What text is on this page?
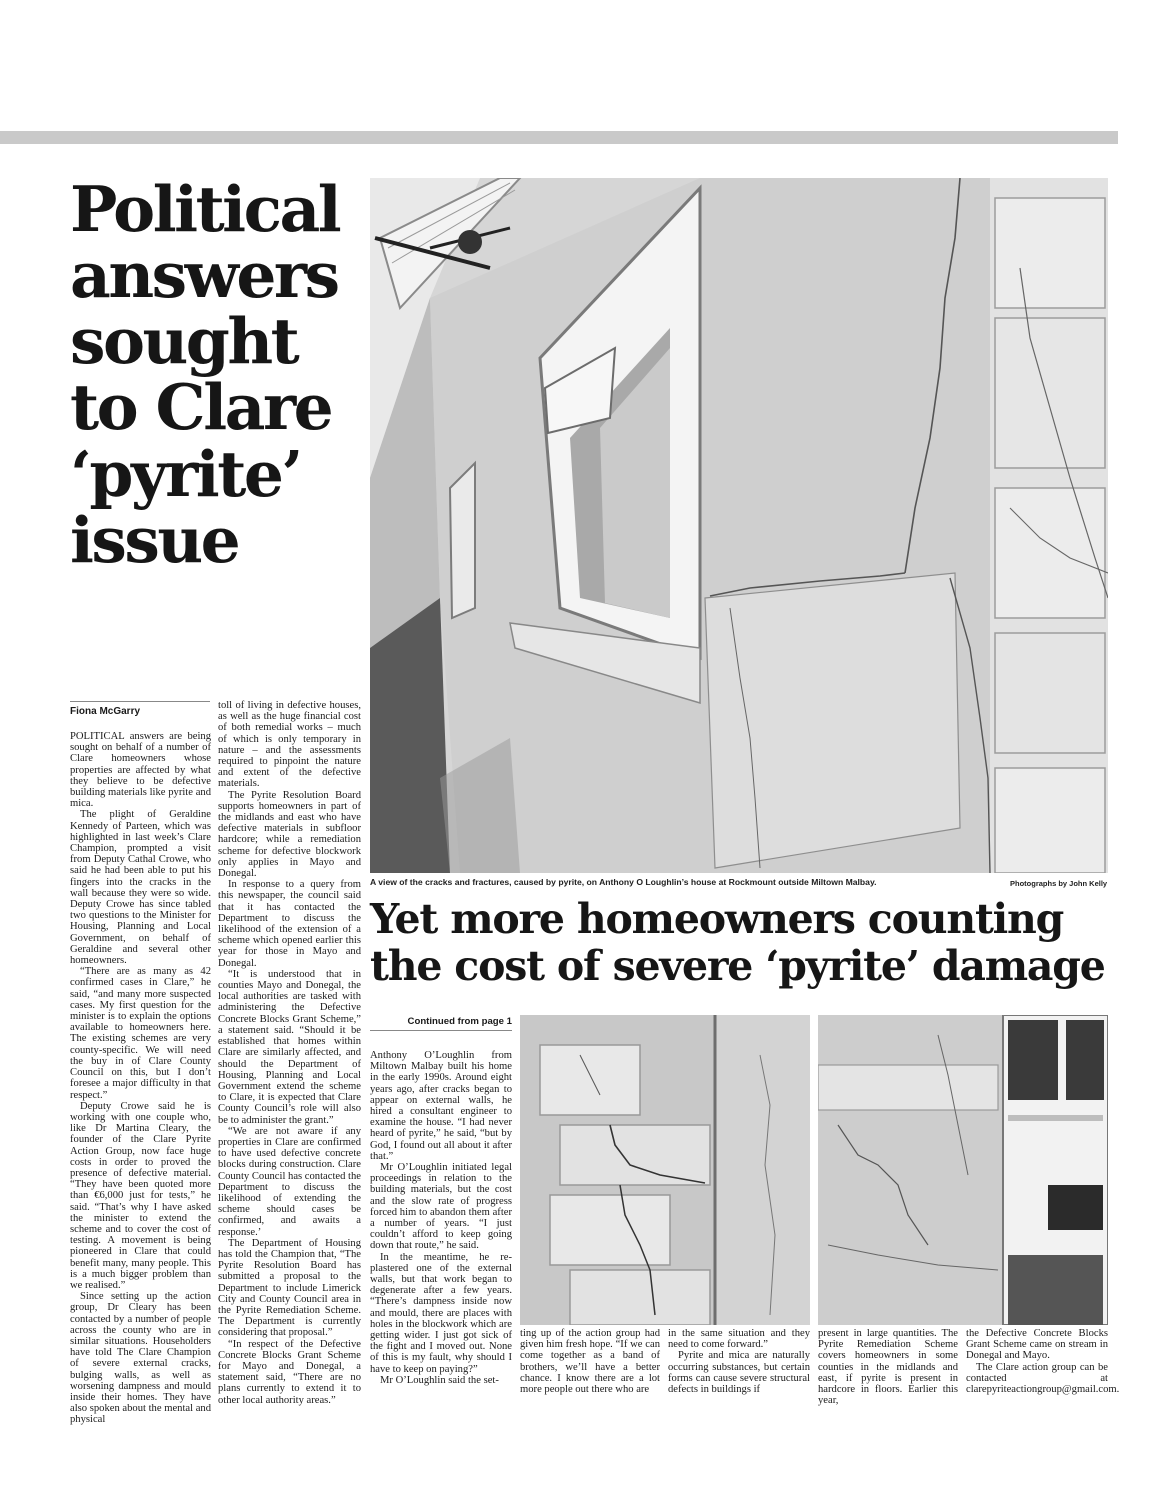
Political
answers
sought
to Clare
‘pyrite’
issue
Fiona McGarry

POLITICAL answers are being sought on behalf of a number of Clare homeowners whose properties are affected by what they believe to be defective building materials like pyrite and mica.

The plight of Geraldine Kennedy of Parteen, which was highlighted in last week’s Clare Champion, prompted a visit from Deputy Cathal Crowe, who said he had been able to put his fingers into the cracks in the wall because they were so wide. Deputy Crowe has since tabled two questions to the Minister for Housing, Planning and Local Government, on behalf of Geraldine and several other homeowners.

“There are as many as 42 confirmed cases in Clare,” he said, “and many more suspected cases. My first question for the minister is to explain the options available to homeowners here. The existing schemes are very county-specific. We will need the buy in of Clare County Council on this, but I don’t foresee a major difficulty in that respect.”

Deputy Crowe said he is working with one couple who, like Dr Martina Cleary, the founder of the Clare Pyrite Action Group, now face huge costs in order to proved the presence of defective material. “They have been quoted more than €6,000 just for tests,” he said. “That’s why I have asked the minister to extend the scheme and to cover the cost of testing. A movement is being pioneered in Clare that could benefit many, many people. This is a much bigger problem than we realised.”

Since setting up the action group, Dr Cleary has been contacted by a number of people across the county who are in similar situations. Householders have told The Clare Champion of severe external cracks, bulging walls, as well as worsening dampness and mould inside their homes. They have also spoken about the mental and physical

toll of living in defective houses, as well as the huge financial cost of both remedial works – much of which is only temporary in nature – and the assessments required to pinpoint the nature and extent of the defective materials.

The Pyrite Resolution Board supports homeowners in part of the midlands and east who have defective materials in subfloor hardcore; while a remediation scheme for defective blockwork only applies in Mayo and Donegal.

In response to a query from this newspaper, the council said that it has contacted the Department to discuss the likelihood of the extension of a scheme which opened earlier this year for those in Mayo and Donegal.

“It is understood that in counties Mayo and Donegal, the local authorities are tasked with administering the Defective Concrete Blocks Grant Scheme,” a statement said. “Should it be established that homes within Clare are similarly affected, and should the Department of Housing, Planning and Local Government extend the scheme to Clare, it is expected that Clare County Council’s role will also be to administer the grant.”

“We are not aware if any properties in Clare are confirmed to have used defective concrete blocks during construction. Clare County Council has contacted the Department to discuss the likelihood of extending the scheme should cases be confirmed, and awaits a response.’

The Department of Housing has told the Champion that, “The Pyrite Resolution Board has submitted a proposal to the Department to include Limerick City and County Council area in the Pyrite Remediation Scheme. The Department is currently considering that proposal.”

“In respect of the Defective Concrete Blocks Grant Scheme for Mayo and Donegal, a statement said, “There are no plans currently to extend it to other local authority areas.”

A view of the cracks and fractures, caused by pyrite, on Anthony O Loughlin’s house at Rockmount outside Miltown Malbay.	Photographs by John Kelly
Yet more homeowners counting
the cost of severe ‘pyrite’ damage
Continued from page 1

Anthony O’Loughlin from Miltown Malbay built his home in the early 1990s. Around eight years ago, after cracks began to appear on external walls, he hired a consultant engineer to examine the house. “I had never heard of pyrite,” he said, “but by God, I found out all about it after that.”

Mr O’Loughlin initiated legal proceedings in relation to the building materials, but the cost and the slow rate of progress forced him to abandon them after a number of years. “I just couldn’t afford to keep going down that route,” he said.

In the meantime, he re-plastered one of the external walls, but that work began to degenerate after a few years. “There’s dampness inside now and mould, there are places with holes in the blockwork which are getting wider. I just got sick of the fight and I moved out. None of this is my fault, why should I have to keep on paying?”

Mr O’Loughlin said the set-

ting up of the action group had given him fresh hope. “If we can come together as a band of brothers, we’ll have a better chance. I know there are a lot more people out there who are

in the same situation and they need to come forward.”

Pyrite and mica are naturally occurring substances, but certain forms can cause severe structural defects in buildings if

present in large quantities. The Pyrite Remediation Scheme covers homeowners in some counties in the midlands and east, if pyrite is present in hardcore in floors. Earlier this year,

the Defective Concrete Blocks Grant Scheme came on stream in Donegal and Mayo.

The Clare action group can be contacted at clarepyriteactiongroup@gmail.com.
